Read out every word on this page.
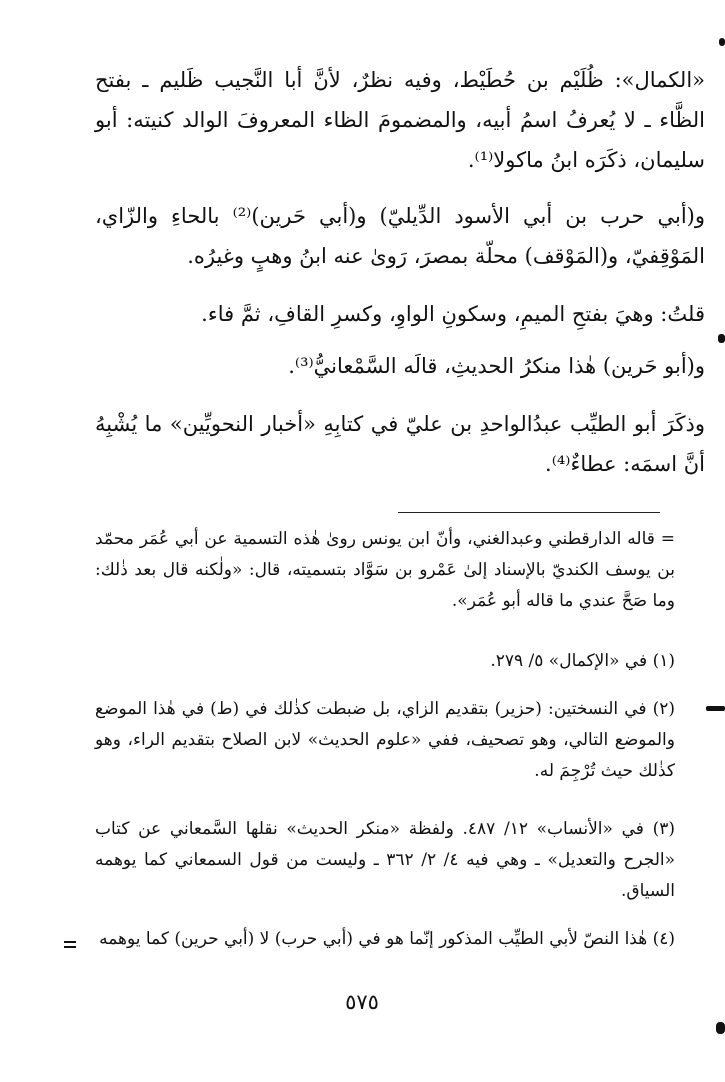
«الكمال»: ظُلَيْم بن حُطَيْط، وفيه نظرٌ، لأنَّ أبا النَّجيب ظَليم ـ بفتح الظَّاء ـ لا يُعرفُ اسمُ أبيه، والمضمومَ الظاء المعروفَ الوالد كنيته: أبو سليمان، ذكَرَه ابنُ ماكولا⁽¹⁾.

و(أبي حرب بن أبي الأسود الدِّيليّ) و(أبي حَرين)⁽²⁾ بالحاءِ والزّاي، المَوْقِفيّ، و(المَوْقف) محلّة بمصرَ، رَوىٰ عنه ابنُ وهبٍ وغيرُه.

قلتُ: وهيَ بفتحِ الميمِ، وسكونِ الواوِ، وكسرِ القافِ، ثمَّ فاء.

و(أبو حَرين) هٰذا منكرُ الحديثِ، قالَه السَّمْعانيُّ⁽³⁾.

وذكَرَ أبو الطيِّب عبدُالواحدِ بن عليّ في كتابِهِ «أخبار النحويِّين» ما يُشْبِهُ أنَّ اسمَه: عطاءٌ⁽⁴⁾.

= قاله الدارقطني وعبدالغني، وأنّ ابن يونس روىٰ هٰذه التسمية عن أبي عُمَر محمّد بن يوسف الكنديّ بالإسناد إلىٰ عَمْرو بن سَوَّاد بتسميته، قال: «ولٰكنه قال بعد ذٰلك: وما صَحَّ عندي ما قاله أبو عُمَر».

(١) في «الإكمال» ٥/ ٢٧٩.

(٢) في النسختين: (حزير) بتقديم الزاي، بل ضبطت كذٰلك في (ط) في هٰذا الموضع والموضع التالي، وهو تصحيف، ففي «علوم الحديث» لابن الصلاح بتقديم الراء، وهو كذٰلك حيث تُرْجِمَ له.

(٣) في «الأنساب» ١٢/ ٤٨٧. ولفظة «منكر الحديث» نقلها السَّمعاني عن كتاب «الجرح والتعديل» ـ وهي فيه ٤/ ٢/ ٣٦٢ ـ وليست من قول السمعاني كما يوهمه السياق.

(٤) هٰذا النصّ لأبي الطيِّب المذكور إنّما هو في (أبي حرب) لا (أبي حرين) كما يوهمه

٥٧٥
